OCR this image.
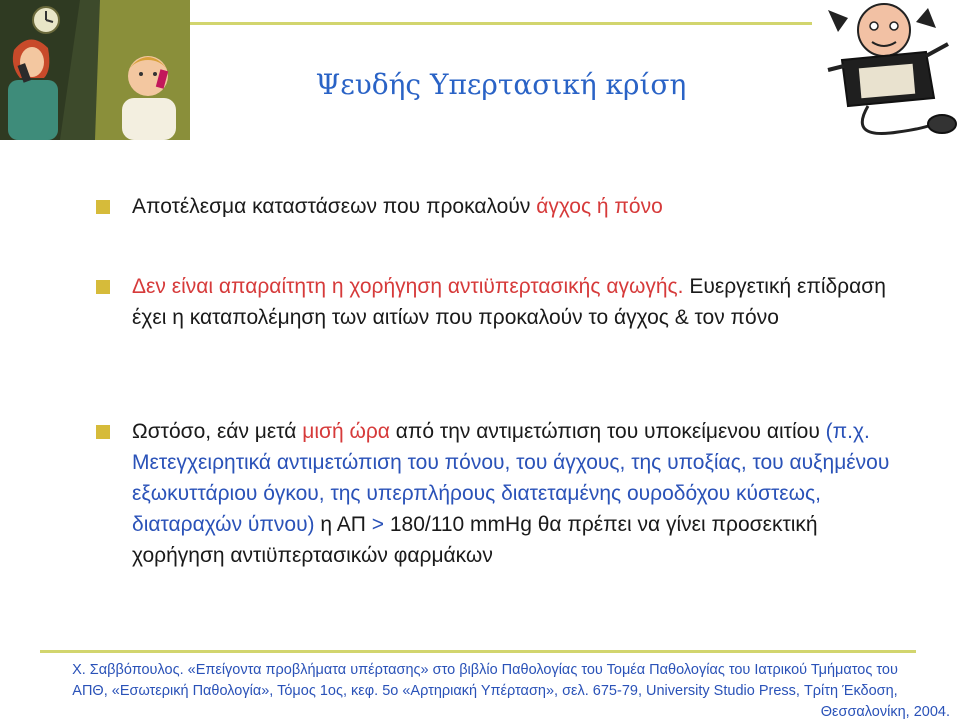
Ψευδής Υπερτασική κρίση
Αποτέλεσμα καταστάσεων που προκαλούν άγχος ή πόνο
Δεν είναι απαραίτητη η χορήγηση αντιϋπερτασικής αγωγής. Ευεργετική επίδραση έχει η καταπολέμηση των αιτίων που προκαλούν το άγχος & τον πόνο
Ωστόσο, εάν μετά μισή ώρα από την αντιμετώπιση του υποκείμενου αιτίου (π.χ. Μετεγχειρητικά αντιμετώπιση του πόνου, του άγχους, της υποξίας, του αυξημένου εξωκυττάριου όγκου, της υπερπλήρους διατεταμένης ουροδόχου κύστεως, διαταραχών ύπνου) η ΑΠ > 180/110 mmHg θα πρέπει να γίνει προσεκτική χορήγηση αντιϋπερτασικών φαρμάκων
Χ. Σαββόπουλος. «Επείγοντα προβλήματα υπέρτασης» στο βιβλίο Παθολογίας του Τομέα Παθολογίας του Ιατρικού Τμήματος του
ΑΠΘ, «Εσωτερική Παθολογία», Τόμος 1ος, κεφ. 5ο «Αρτηριακή Υπέρταση», σελ. 675-79, University Studio Press, Τρίτη Έκδοση,
Θεσσαλονίκη, 2004.
